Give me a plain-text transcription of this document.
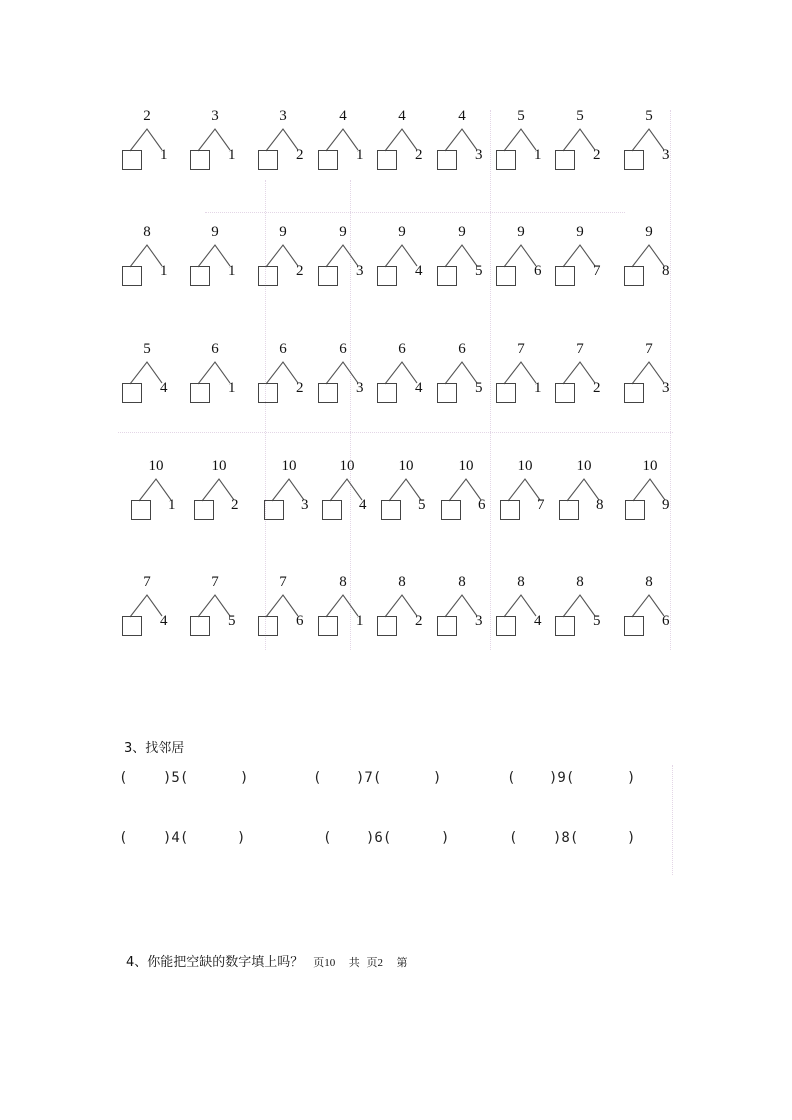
2
1
3
1
3
2
4
1
4
2
4
3
5
1
5
2
5
3
8
1
9
1
9
2
9
3
9
4
9
5
9
6
9
7
9
8
5
4
6
1
6
2
6
3
6
4
6
5
7
1
7
2
7
3
10
1
10
2
10
3
10
4
10
5
10
6
10
7
10
8
10
9
7
4
7
5
7
6
8
1
8
2
8
3
8
4
8
5
8
6
3、找邻居
(	)5(	)	( )7(	)	( )9(	)
(	)4(	)	( )6(	)	(	)8(	)
4、你能把空缺的数字填上吗？ 页10  共 页2  第
